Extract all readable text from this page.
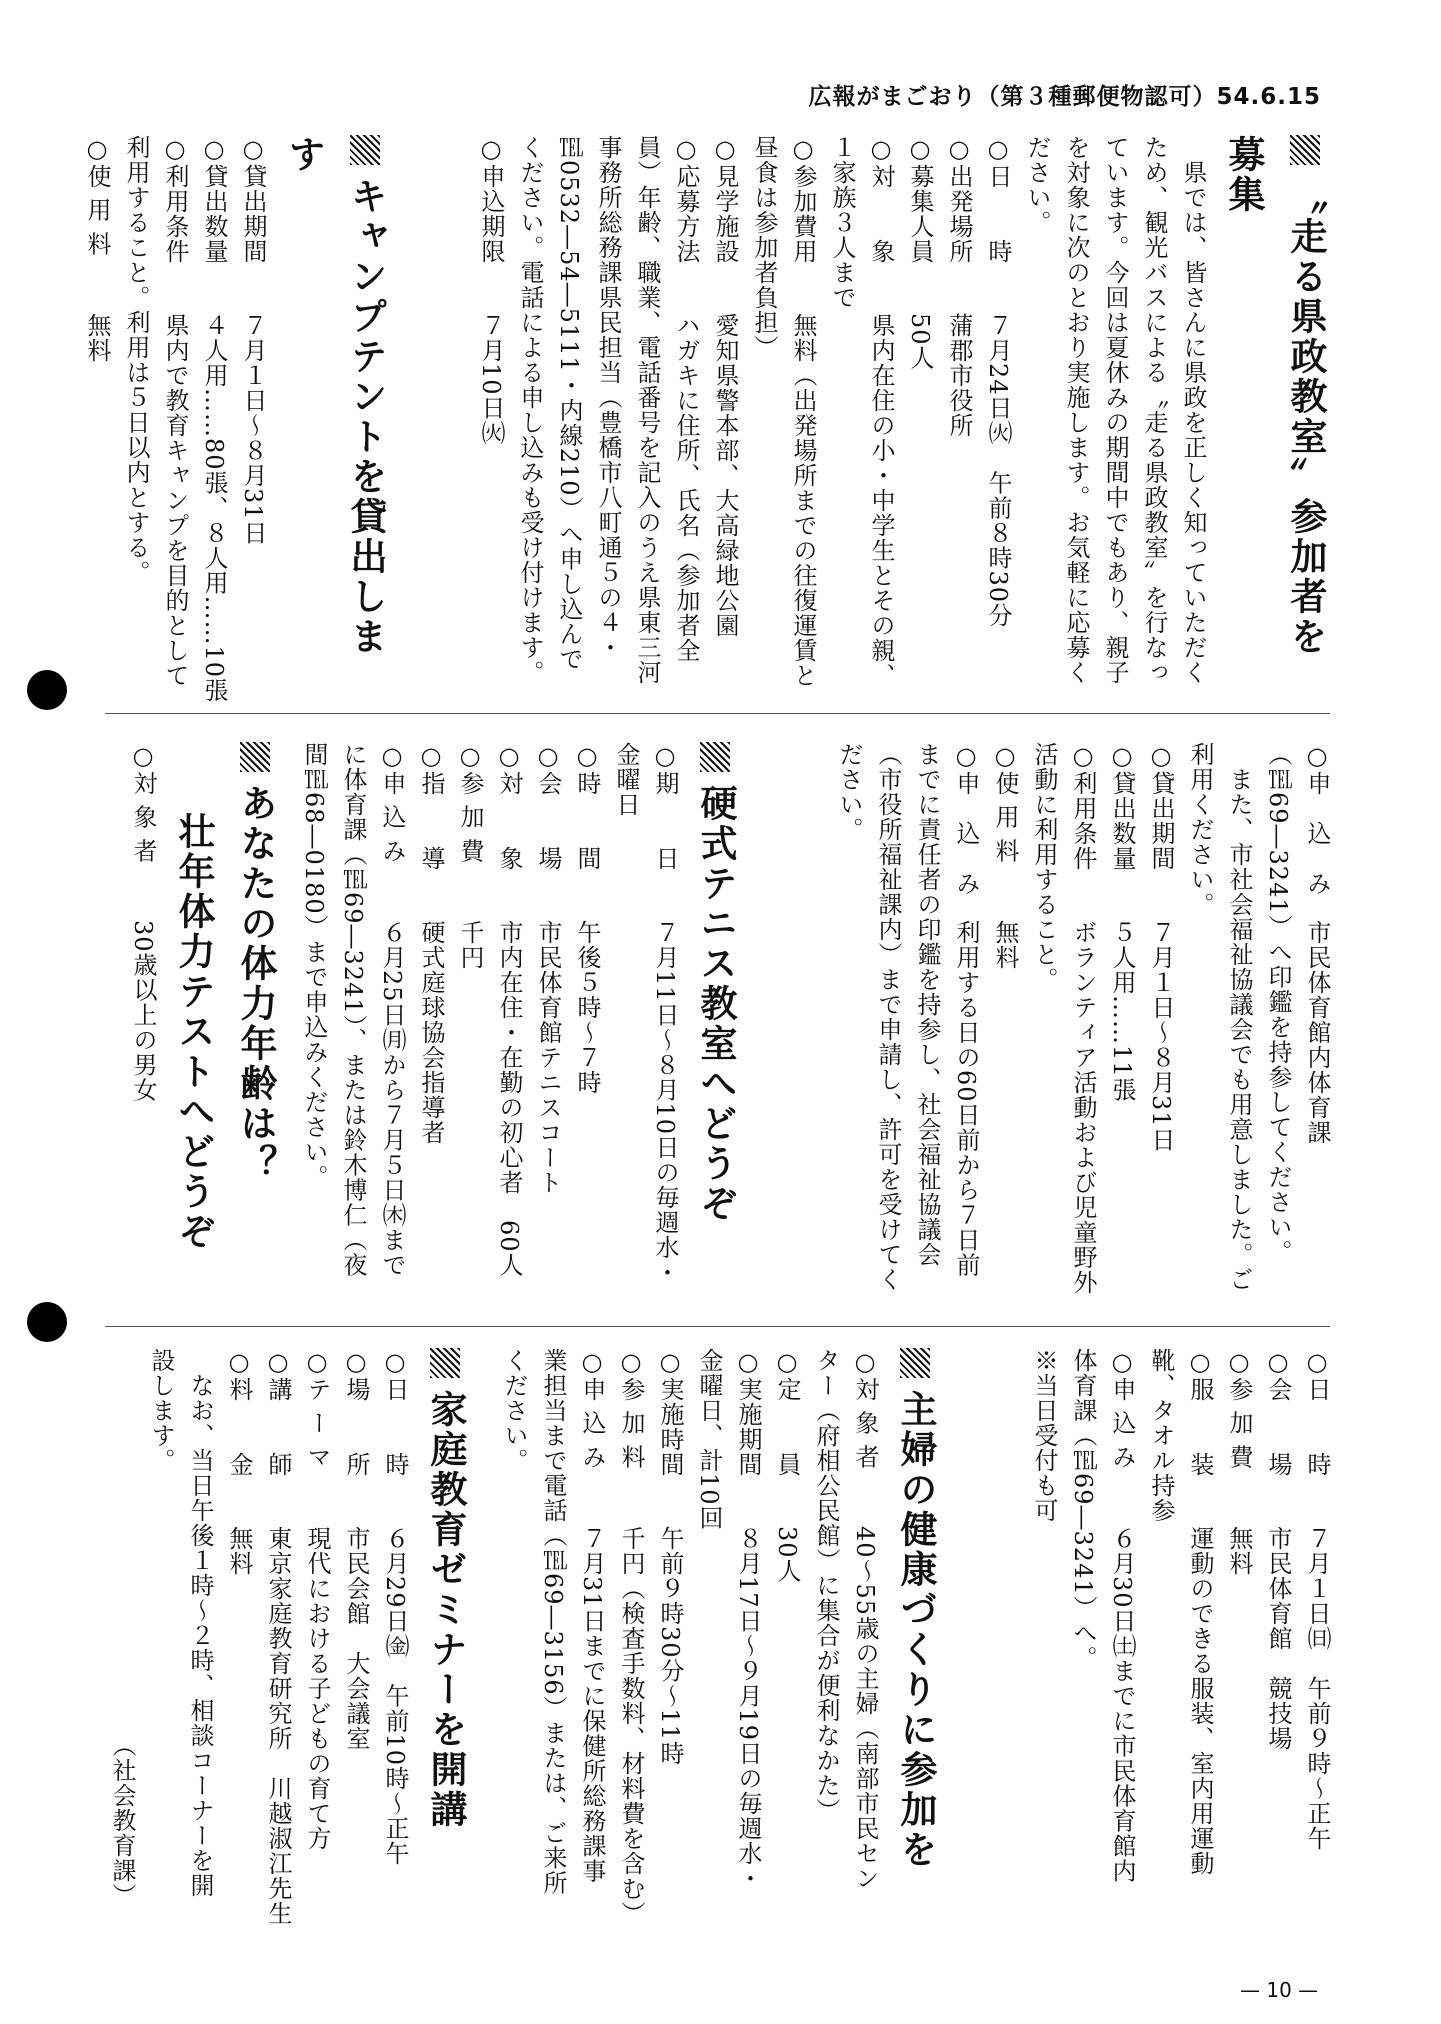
広報がまごおり（第３種郵便物認可）54.6.15
〝走る県政教室〟参加者を募集
　県では、皆さんに県政を正しく知っていただくため、観光バスによる〝走る県政教室〟を行なっています。今回は夏休みの期間中でもあり、親子を対象に次のとおり実施します。お気軽に応募ください。
○日　　時７月24日㈫　午前８時30分
○出発場所蒲郡市役所
○募集人員50人
○対　　象県内在住の小・中学生とその親、１家族３人まで
○参加費用無料（出発場所までの往復運賃と昼食は参加者負担）
○見学施設愛知県警本部、大高緑地公園
○応募方法ハガキに住所、氏名（参加者全員）年齢、職業、電話番号を記入のうえ県東三河事務所総務課県民担当（豊橋市八町通５の４・℡0532―54―5111・内線210）へ申し込んでください。電話による申し込みも受け付けます。
○申込期限７月10日㈫
キャンプテントを貸出します
○貸出期間７月１日～８月31日
○貸出数量４人用……80張、８人用……10張
○利用条件県内で教育キャンプを目的として利用すること。利用は５日以内とする。
○使 用 料無料
○申　込　み市民体育館内体育課（℡69―3241）へ印鑑を持参してください。
　また、市社会福祉協議会でも用意しました。ご利用ください。
○貸出期間７月１日～８月31日
○貸出数量５人用……11張
○利用条件ボランティア活動および児童野外活動に利用すること。
○使 用 料無料
○申　込　み利用する日の60日前から７日前までに責任者の印鑑を持参し、社会福祉協議会（市役所福祉課内）まで申請し、許可を受けてください。
硬式テニス教室へどうぞ
○期　　日７月11日～８月10日の毎週水・金曜日
○時　　間午後５時～７時
○会　　場市民体育館テニスコート
○対　　象市内在住・在勤の初心者　60人
○参 加 費千円
○指　　導硬式庭球協会指導者
○申 込 み６月25日㈪から７月５日㈭までに体育課（℡69―3241）、または鈴木博仁（夜間℡68―0180）まで申込みください。
あなたの体力年齢は？
壮年体力テストへどうぞ
○対 象 者30歳以上の男女
○日　　時７月１日㈰　午前９時～正午
○会　　場市民体育館　競技場
○参 加 費無料
○服　　装運動のできる服装、室内用運動靴、タオル持参
○申 込 み６月30日㈯までに市民体育館内体育課（℡69―3241）へ。
※当日受付も可
主婦の健康づくりに参加を
○対 象 者40～55歳の主婦（南部市民センター（府相公民館）に集合が便利なかた）
○定　　員30人
○実施期間８月17日～９月19日の毎週水・金曜日、計10回
○実施時間午前９時30分～11時
○参 加 料千円（検査手数料、材料費を含む）
○申 込 み７月31日までに保健所総務課事業担当まで電話（℡69―3156）または、ご来所ください。
家庭教育ゼミナーを開講
○日　　時６月29日㈮　午前10時～正午
○場　　所市民会館　大会議室
○テ ー マ現代における子どもの育て方
○講　　師東京家庭教育研究所　川越淑江先生
○料　　金無料
　なお、当日午後１時～２時、相談コーナーを開設します。
（社会教育課）
— 10 —
